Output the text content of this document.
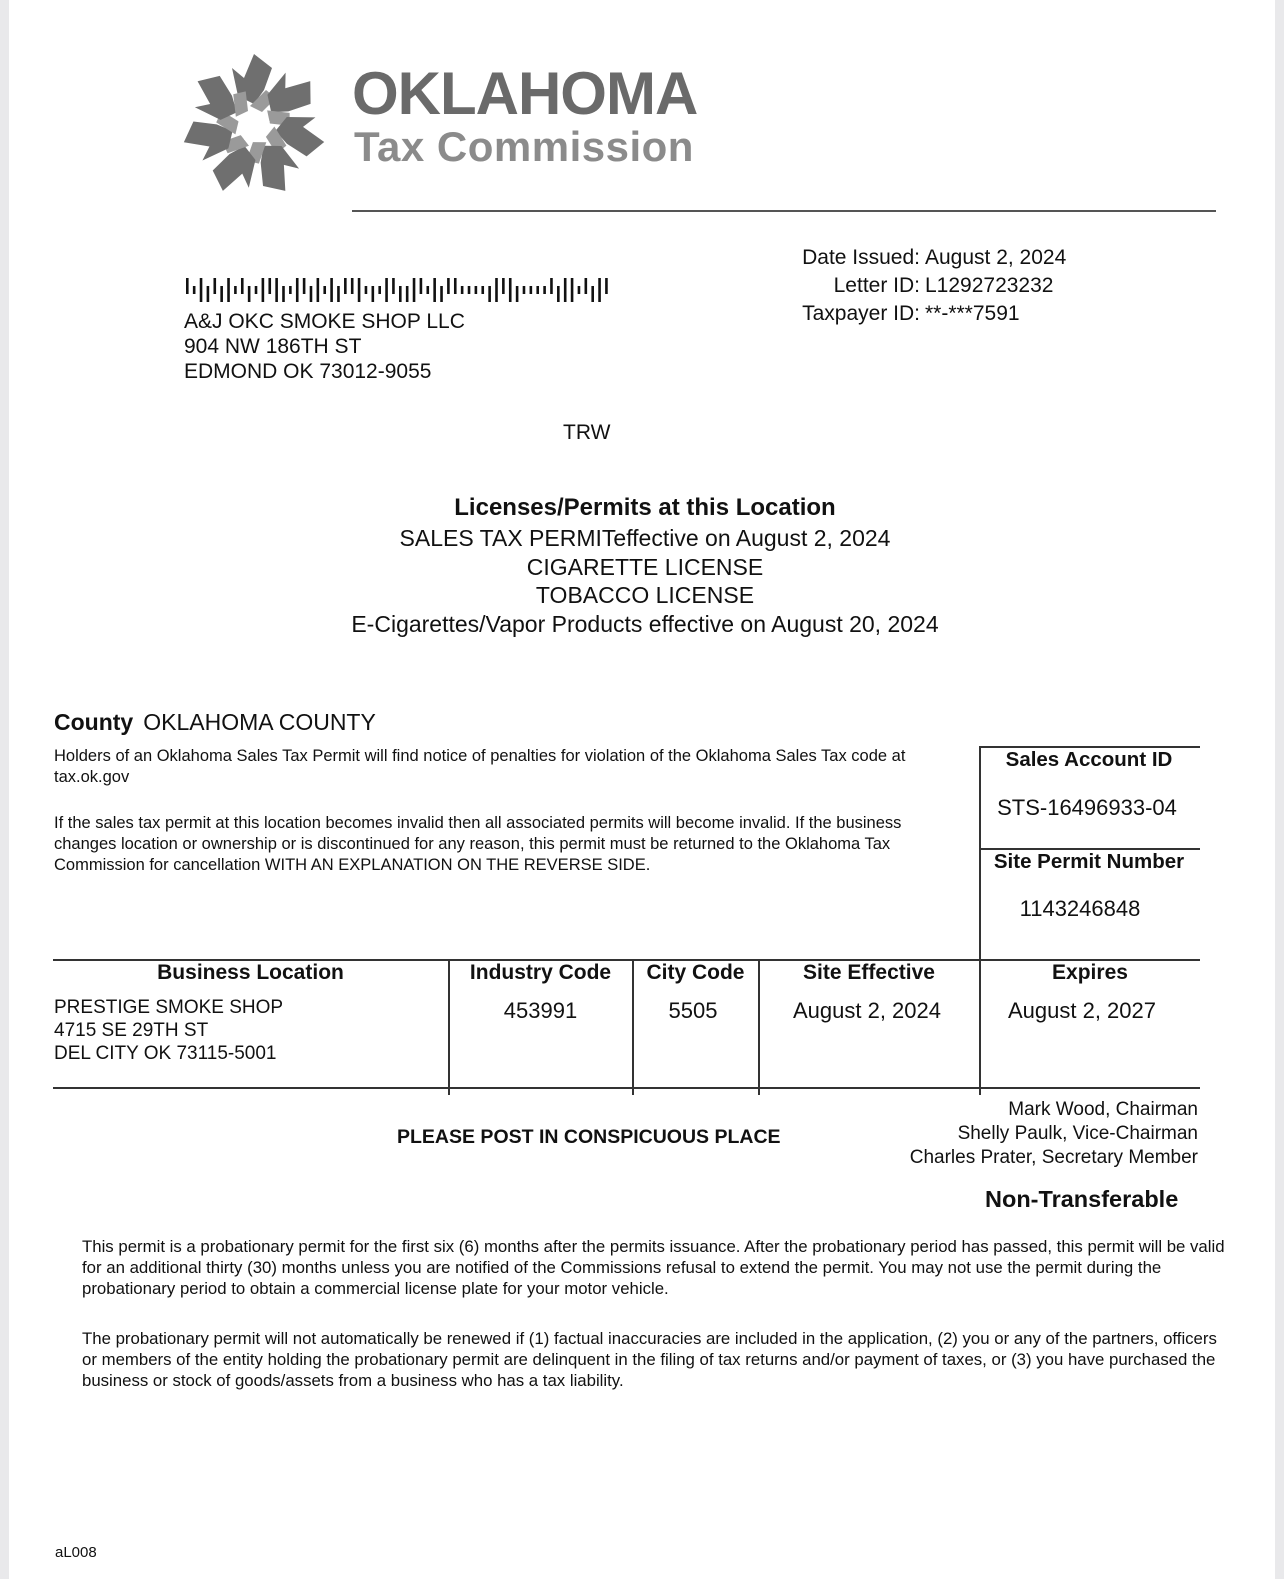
OKLAHOMA
Tax Commission
Date Issued: August 2, 2024
Letter ID: L1292723232
Taxpayer ID: **-***7591
A&J OKC SMOKE SHOP LLC
904 NW 186TH ST
EDMOND OK 73012-9055
TRW
Licenses/Permits at this Location
SALES TAX PERMITeffective on August 2, 2024
CIGARETTE LICENSE
TOBACCO LICENSE
E-Cigarettes/Vapor Products effective on August 20, 2024
County OKLAHOMA COUNTY
Holders of an Oklahoma Sales Tax Permit will find notice of penalties for violation of the Oklahoma Sales Tax code at tax.ok.gov
If the sales tax permit at this location becomes invalid then all associated permits will become invalid. If the business changes location or ownership or is discontinued for any reason, this permit must be returned to the Oklahoma Tax Commission for cancellation WITH AN EXPLANATION ON THE REVERSE SIDE.
Sales Account ID
STS-16496933-04
Site Permit Number
1143246848
Business Location	Industry Code	City Code	Site Effective	Expires
PRESTIGE SMOKE SHOP
4715 SE 29TH ST
DEL CITY OK 73115-5001
453991	5505	August 2, 2024	August 2, 2027
PLEASE POST IN CONSPICUOUS PLACE
Mark Wood, Chairman
Shelly Paulk, Vice-Chairman
Charles Prater, Secretary Member
Non-Transferable
This permit is a probationary permit for the first six (6) months after the permits issuance. After the probationary period has passed, this permit will be valid for an additional thirty (30) months unless you are notified of the Commissions refusal to extend the permit. You may not use the permit during the probationary period to obtain a commercial license plate for your motor vehicle.
The probationary permit will not automatically be renewed if (1) factual inaccuracies are included in the application, (2) you or any of the partners, officers or members of the entity holding the probationary permit are delinquent in the filing of tax returns and/or payment of taxes, or (3) you have purchased the business or stock of goods/assets from a business who has a tax liability.
aL008
